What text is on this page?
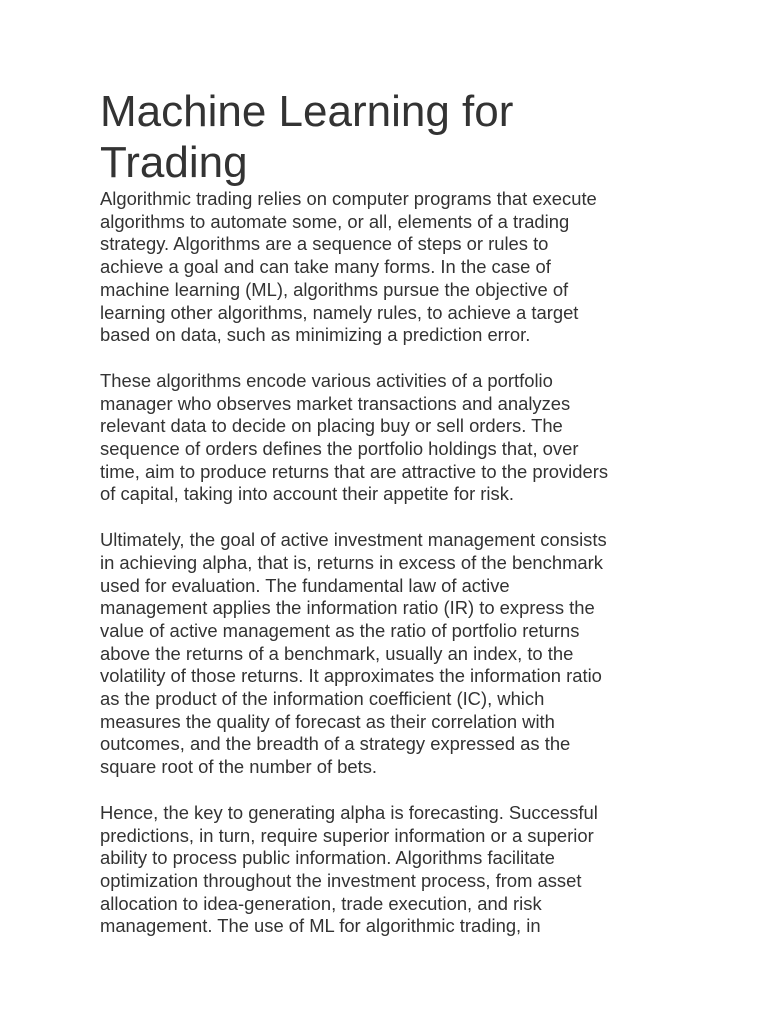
Machine Learning for
Trading

Algorithmic trading relies on computer programs that execute
algorithms to automate some, or all, elements of a trading
strategy. Algorithms are a sequence of steps or rules to
achieve a goal and can take many forms. In the case of
machine learning (ML), algorithms pursue the objective of
learning other algorithms, namely rules, to achieve a target
based on data, such as minimizing a prediction error.

These algorithms encode various activities of a portfolio
manager who observes market transactions and analyzes
relevant data to decide on placing buy or sell orders. The
sequence of orders defines the portfolio holdings that, over
time, aim to produce returns that are attractive to the providers
of capital, taking into account their appetite for risk.

Ultimately, the goal of active investment management consists
in achieving alpha, that is, returns in excess of the benchmark
used for evaluation. The fundamental law of active
management applies the information ratio (IR) to express the
value of active management as the ratio of portfolio returns
above the returns of a benchmark, usually an index, to the
volatility of those returns. It approximates the information ratio
as the product of the information coefficient (IC), which
measures the quality of forecast as their correlation with
outcomes, and the breadth of a strategy expressed as the
square root of the number of bets.

Hence, the key to generating alpha is forecasting. Successful
predictions, in turn, require superior information or a superior
ability to process public information. Algorithms facilitate
optimization throughout the investment process, from asset
allocation to idea-generation, trade execution, and risk
management. The use of ML for algorithmic trading, in
